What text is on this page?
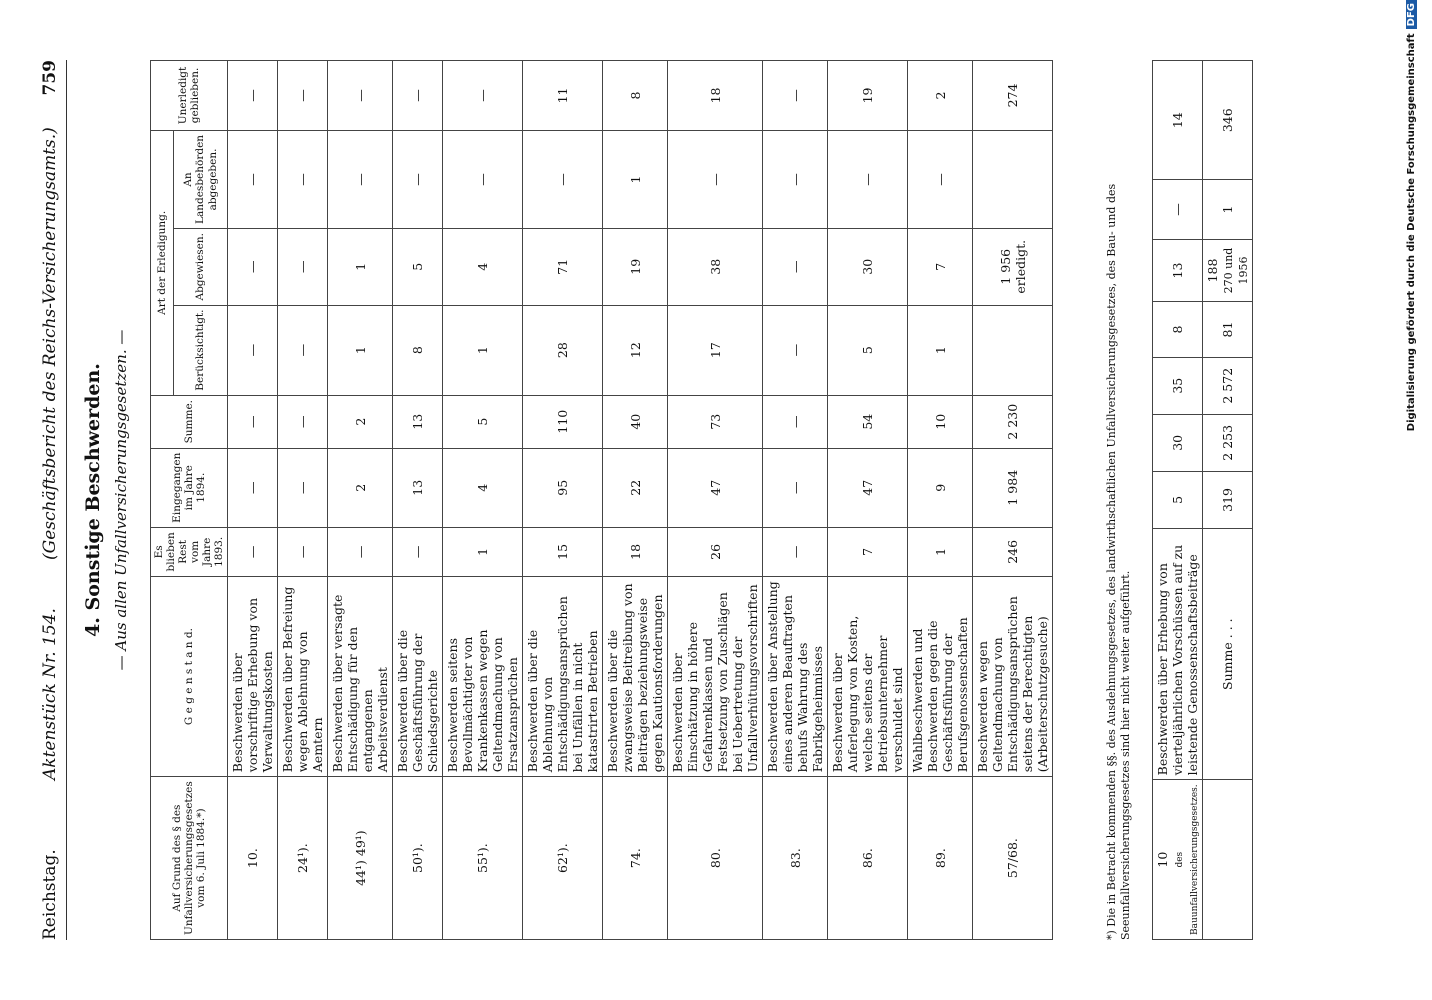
Reichstag.
Aktenstück Nr. 154.
(Geschäftsbericht des Reichs-Versicherungsamts.)
759
4. Sonstige Beschwerden. — Aus allen Unfallversicherungsgesetzen. —
Auf Grund des § des Unfallversicherungsgesetzes vom 6. Juli 1884.*)	G e g e n s t a n d.	Es blieben Rest vom Jahre 1893.	Eingegangen im Jahre 1894.	Summe.	Art der Erledigung.			Unerledigt geblieben.
					Berücksichtigt.	Abgewiesen.	An Landesbehörden abgegeben.	
10.	Beschwerden über vorschriftige Erhebung von Verwaltungskosten	—	—	—	—	—	—	—
24¹).	Beschwerden über Befreiung wegen Ablehnung von Aemtern	—	—	—	—	—	—	—
44¹) 49¹)	Beschwerden über versagte Entschädigung für den entgangenen Arbeitsverdienst	—	2	2	1	1	—	—
50¹).	Beschwerden über die Geschäftsführung der Schiedsgerichte	—	13	13	8	5	—	—
55¹).	Beschwerden seitens Bevollmächtigter von Krankenkassen wegen Geltendmachung von Ersatzansprüchen	1	4	5	1	4	—	—
62¹).	Beschwerden über die Ablehnung von Entschädigungsansprüchen bei Unfällen in nicht katastrirten Betrieben	15	95	110	28	71	—	11
74.	Beschwerden über die zwangsweise Beitreibung von Beiträgen beziehungsweise gegen Kautionsforderungen	18	22	40	12	19	1	8
80.	Beschwerden über Einschätzung in höhere Gefahrenklassen und Festsetzung von Zuschlägen bei Uebertretung der Unfallverhütungsvorschriften	26	47	73	17	38	—	18
83.	Beschwerden über Anstellung eines anderen Beauftragten behufs Wahrung des Fabrikgeheimnisses	—	—	—	—	—	—	—
86.	Beschwerden über Auferlegung von Kosten, welche seitens der Betriebsunternehmer verschuldet sind	7	47	54	5	30	—	19
89.	Wahlbeschwerden und Beschwerden gegen die Geschäftsführung der Berufsgenossenschaften	1	9	10	1	7	—	2
57/68.	Beschwerden wegen Geltendmachung von Entschädigungsansprüchen seitens der Berechtigten (Arbeiterschutzgesuche)	246	1 984	2 230		1 956 erledigt.		274
*) Die in Betracht kommenden §§. des Ausdehnungsgesetzes, des landwirthschaftlichen Unfallversicherungsgesetzes, des Bau- und des Seeunfallversicherungsgesetzes sind hier nicht weiter aufgeführt. 10 des Bauunfallversicherungsgesetzes.	Beschwerden über Erhebung von vierteljährlichen Vorschüssen auf zu leistende Genossenschaftsbeiträge	5	30	35	8	13	—	14
	Summe . . .	319	2 253	2 572	81	188 270 und 1956	1	346	Digitalisierung gefördert durch die Deutsche ForschungsgemeinschaftDFG
